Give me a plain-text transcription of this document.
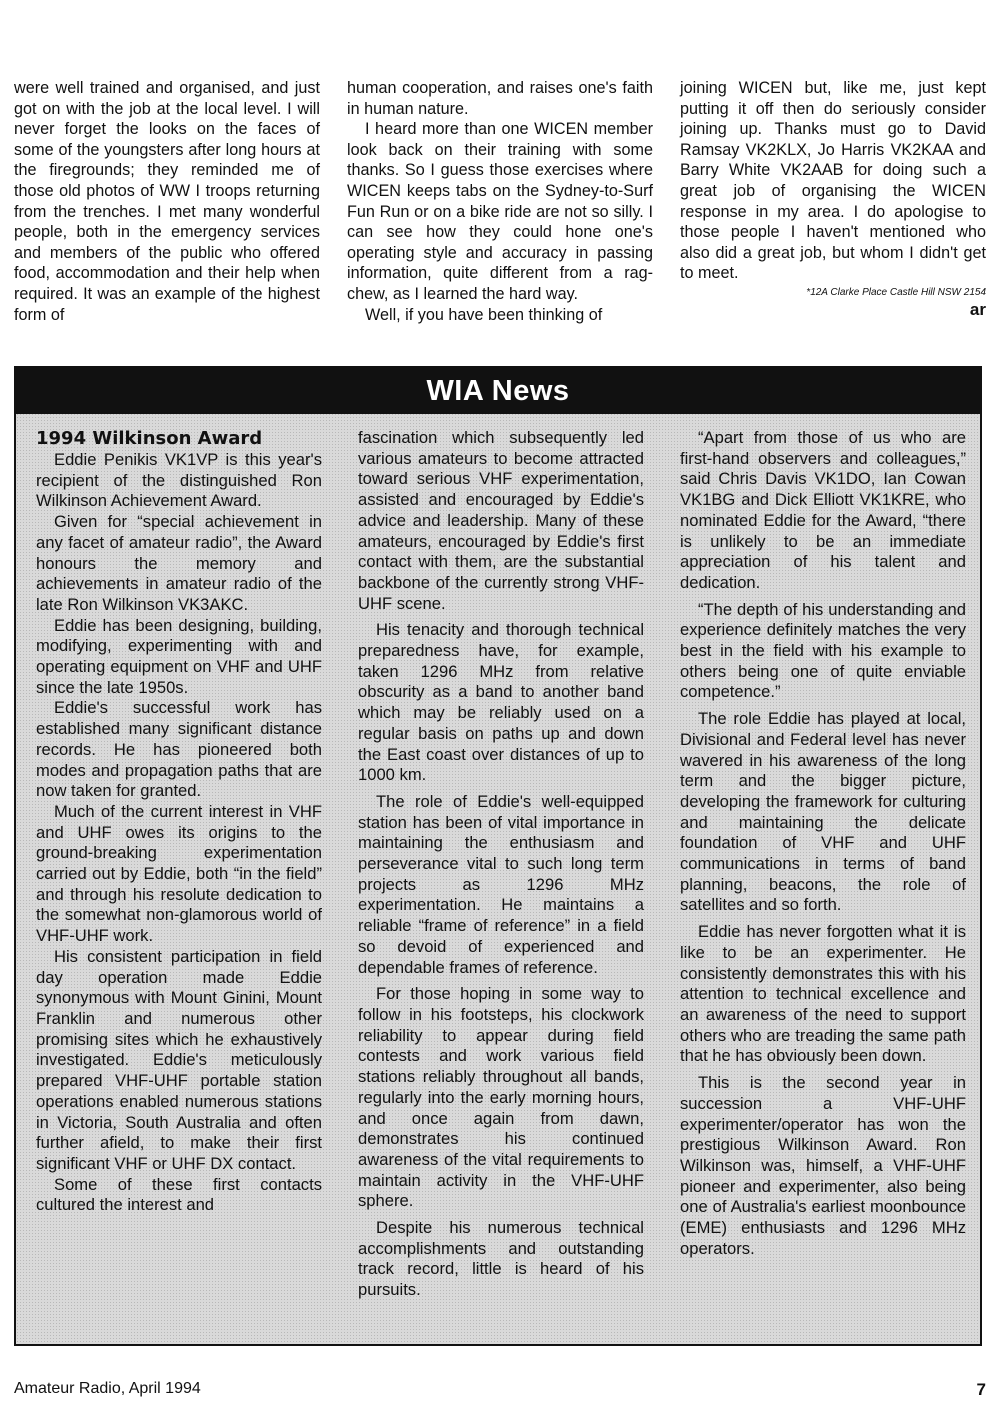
were well trained and organised, and just got on with the job at the local level. I will never forget the looks on the faces of some of the youngsters after long hours at the firegrounds; they reminded me of those old photos of WW I troops returning from the trenches. I met many wonderful people, both in the emergency services and members of the public who offered food, accommodation and their help when required. It was an example of the highest form of

human cooperation, and raises one's faith in human nature.

I heard more than one WICEN member look back on their training with some thanks. So I guess those exercises where WICEN keeps tabs on the Sydney-to-Surf Fun Run or on a bike ride are not so silly. I can see how they could hone one's operating style and accuracy in passing information, quite different from a rag-chew, as I learned the hard way.

Well, if you have been thinking of

joining WICEN but, like me, just kept putting it off then do seriously consider joining up. Thanks must go to David Ramsay VK2KLX, Jo Harris VK2KAA and Barry White VK2AAB for doing such a great job of organising the WICEN response in my area. I do apologise to those people I haven't mentioned who also did a great job, but whom I didn't get to meet.

*12A Clarke Place Castle Hill NSW 2154
ar
WIA News
1994 Wilkinson Award

Eddie Penikis VK1VP is this year's recipient of the distinguished Ron Wilkinson Achievement Award.

Given for “special achievement in any facet of amateur radio”, the Award honours the memory and achievements in amateur radio of the late Ron Wilkinson VK3AKC.

Eddie has been designing, building, modifying, experimenting with and operating equipment on VHF and UHF since the late 1950s.

Eddie's successful work has established many significant distance records. He has pioneered both modes and propagation paths that are now taken for granted.

Much of the current interest in VHF and UHF owes its origins to the ground-breaking experimentation carried out by Eddie, both “in the field” and through his resolute dedication to the somewhat non-glamorous world of VHF-UHF work.

His consistent participation in field day operation made Eddie synonymous with Mount Ginini, Mount Franklin and numerous other promising sites which he exhaustively investigated. Eddie's meticulously prepared VHF-UHF portable station operations enabled numerous stations in Victoria, South Australia and often further afield, to make their first significant VHF or UHF DX contact.

Some of these first contacts cultured the interest and

fascination which subsequently led various amateurs to become attracted toward serious VHF experimentation, assisted and encouraged by Eddie's advice and leadership. Many of these amateurs, encouraged by Eddie's first contact with them, are the substantial backbone of the currently strong VHF-UHF scene.

His tenacity and thorough technical preparedness have, for example, taken 1296 MHz from relative obscurity as a band to another band which may be reliably used on a regular basis on paths up and down the East coast over distances of up to 1000 km.

The role of Eddie's well-equipped station has been of vital importance in maintaining the enthusiasm and perseverance vital to such long term projects as 1296 MHz experimentation. He maintains a reliable “frame of reference” in a field so devoid of experienced and dependable frames of reference.

For those hoping in some way to follow in his footsteps, his clockwork reliability to appear during field contests and work various field stations reliably throughout all bands, regularly into the early morning hours, and once again from dawn, demonstrates his continued awareness of the vital requirements to maintain activity in the VHF-UHF sphere.

Despite his numerous technical accomplishments and outstanding track record, little is heard of his pursuits.

“Apart from those of us who are first-hand observers and colleagues,” said Chris Davis VK1DO, Ian Cowan VK1BG and Dick Elliott VK1KRE, who nominated Eddie for the Award, “there is unlikely to be an immediate appreciation of his talent and dedication.

“The depth of his understanding and experience definitely matches the very best in the field with his example to others being one of quite enviable competence.”

The role Eddie has played at local, Divisional and Federal level has never wavered in his awareness of the long term and the bigger picture, developing the framework for culturing and maintaining the delicate foundation of VHF and UHF communications in terms of band planning, beacons, the role of satellites and so forth.

Eddie has never forgotten what it is like to be an experimenter. He consistently demonstrates this with his attention to technical excellence and an awareness of the need to support others who are treading the same path that he has obviously been down.

This is the second year in succession a VHF-UHF experimenter/operator has won the prestigious Wilkinson Award. Ron Wilkinson was, himself, a VHF-UHF pioneer and experimenter, also being one of Australia's earliest moonbounce (EME) enthusiasts and 1296 MHz operators.

Amateur Radio, April 1994	7
